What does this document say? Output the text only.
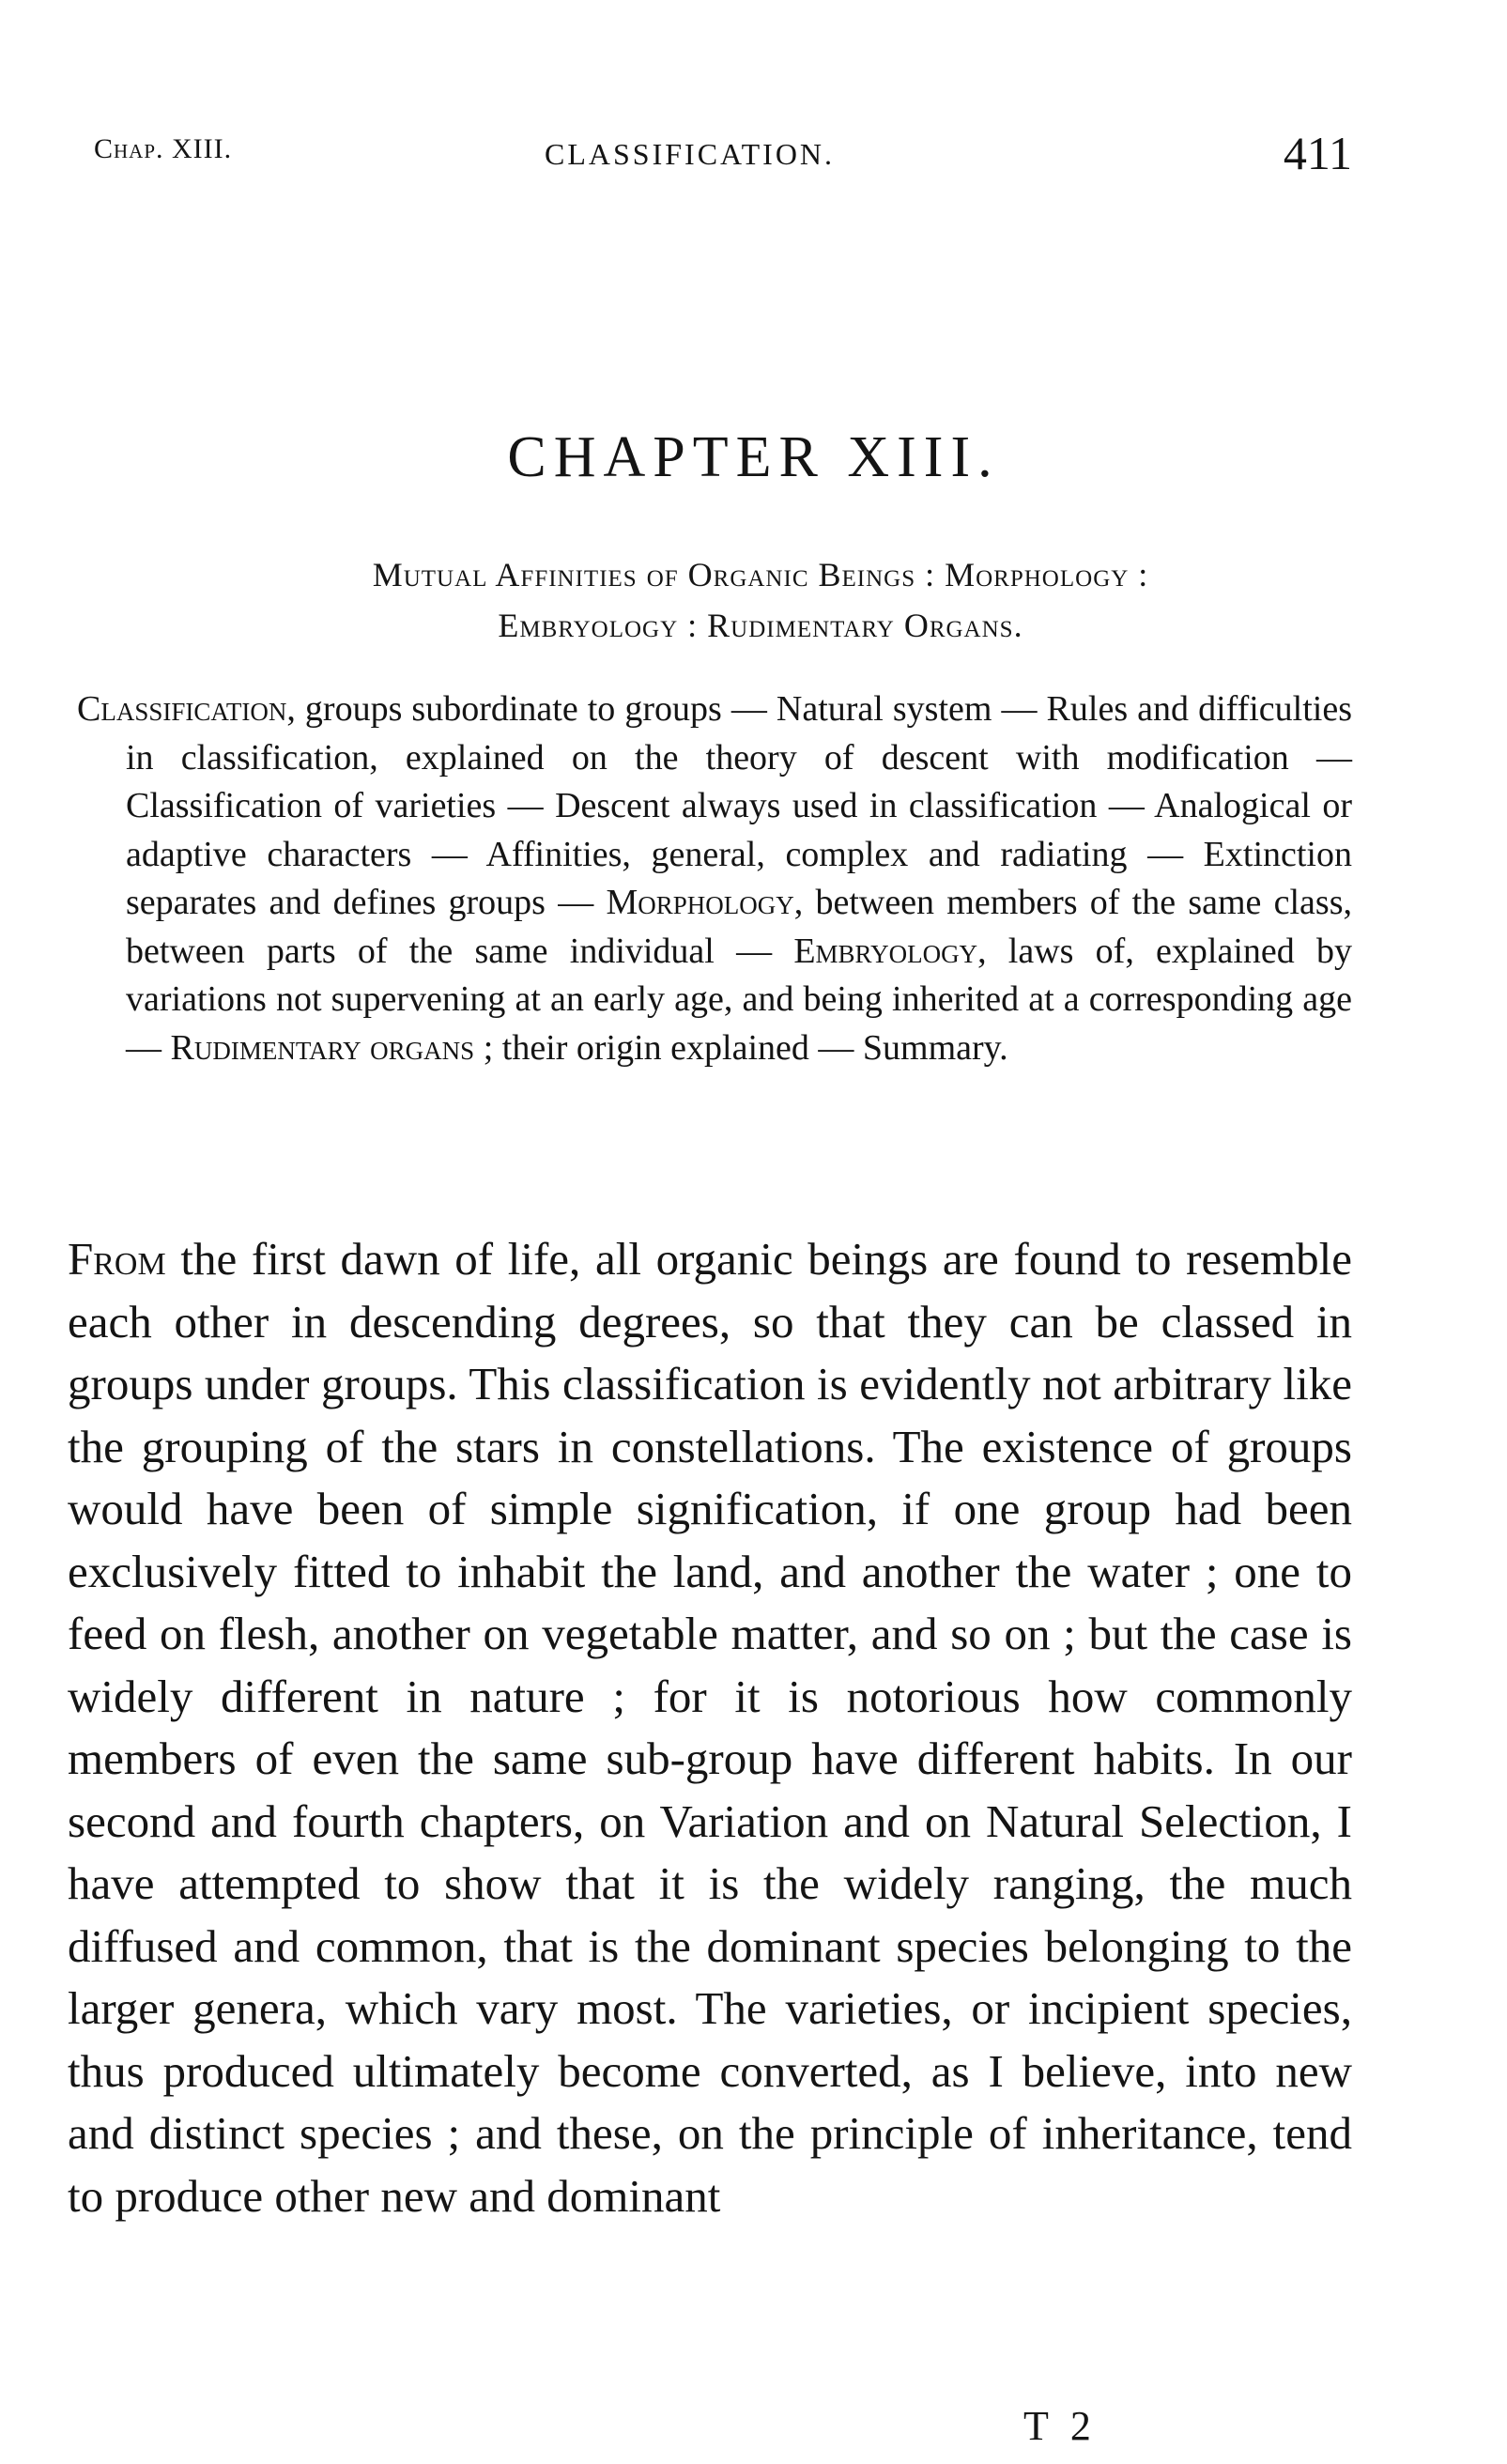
Chap. XIII.	CLASSIFICATION.	411
CHAPTER XIII.
Mutual Affinities of Organic Beings : Morphology :
Embryology : Rudimentary Organs.
Classification, groups subordinate to groups — Natural system — Rules and difficulties in classification, explained on the theory of descent with modification — Classification of varieties — Descent always used in classification — Analogical or adaptive characters — Affinities, general, complex and radiating — Extinction separates and defines groups — Morphology, between members of the same class, between parts of the same individual — Embryology, laws of, explained by variations not supervening at an early age, and being inherited at a corresponding age — Rudimentary organs ; their origin explained — Summary.
From the first dawn of life, all organic beings are found to resemble each other in descending degrees, so that they can be classed in groups under groups. This classification is evidently not arbitrary like the grouping of the stars in constellations. The existence of groups would have been of simple signification, if one group had been exclusively fitted to inhabit the land, and another the water ; one to feed on flesh, another on vegetable matter, and so on ; but the case is widely different in nature ; for it is notorious how commonly members of even the same sub-group have different habits. In our second and fourth chapters, on Variation and on Natural Selection, I have attempted to show that it is the widely ranging, the much diffused and common, that is the dominant species belonging to the larger genera, which vary most. The varieties, or incipient species, thus produced ultimately become converted, as I believe, into new and distinct species ; and these, on the principle of inheritance, tend to produce other new and dominant
T 2
